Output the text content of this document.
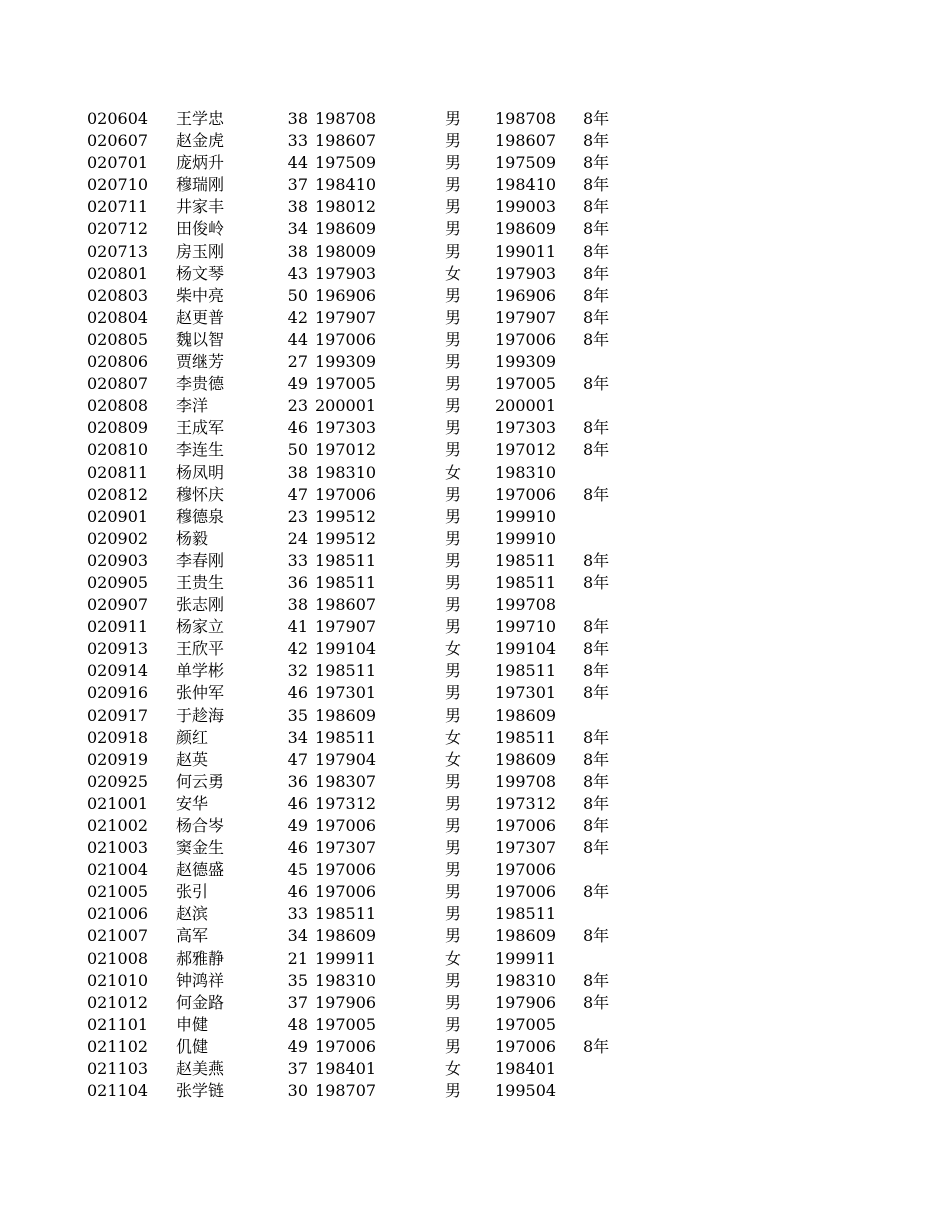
020604 王学忠	38 198708	男 198708 8年
020607 赵金虎	33 198607	男 198607 8年
020701 庞炳升	44 197509	男 197509 8年
020710 穆瑞刚	37 198410	男 198410 8年
020711 井家丰	38 198012	男 199003 8年
020712 田俊岭	34 198609	男 198609 8年
020713 房玉刚	38 198009	男 199011 8年
020801 杨文琴	43 197903	女 197903 8年
020803 柴中亮	50 196906	男 196906 8年
020804 赵更普	42 197907	男 197907 8年
020805 魏以智	44 197006	男 197006 8年
020806 贾继芳	27 199309	男 199309
020807 李贵德	49 197005	男 197005 8年
020808 李洋	23 200001	男 200001
020809 王成军	46 197303	男 197303 8年
020810 李连生	50 197012	男 197012 8年
020811 杨凤明	38 198310	女 198310
020812 穆怀庆	47 197006	男 197006 8年
020901 穆德泉	23 199512	男 199910
020902 杨毅	24 199512	男 199910
020903 李春刚	33 198511	男 198511 8年
020905 王贵生	36 198511	男 198511 8年
020907 张志刚	38 198607	男 199708
020911 杨家立	41 197907	男 199710 8年
020913 王欣平	42 199104	女 199104 8年
020914 单学彬	32 198511	男 198511 8年
020916 张仲军	46 197301	男 197301 8年
020917 于趁海	35 198609	男 198609
020918 颜红	34 198511	女 198511 8年
020919 赵英	47 197904	女 198609 8年
020925 何云勇	36 198307	男 199708 8年
021001 安华	46 197312	男 197312 8年
021002 杨合岑	49 197006	男 197006 8年
021003 窦金生	46 197307	男 197307 8年
021004 赵德盛	45 197006	男 197006
021005 张引	46 197006	男 197006 8年
021006 赵滨	33 198511	男 198511
021007 高军	34 198609	男 198609 8年
021008 郝雅静	21 199911	女 199911
021010 钟鸿祥	35 198310	男 198310 8年
021012 何金路	37 197906	男 197906 8年
021101 申健	48 197005	男 197005
021102 仉健	49 197006	男 197006 8年
021103 赵美燕	37 198401	女 198401
021104 张学链	30 198707	男 199504
